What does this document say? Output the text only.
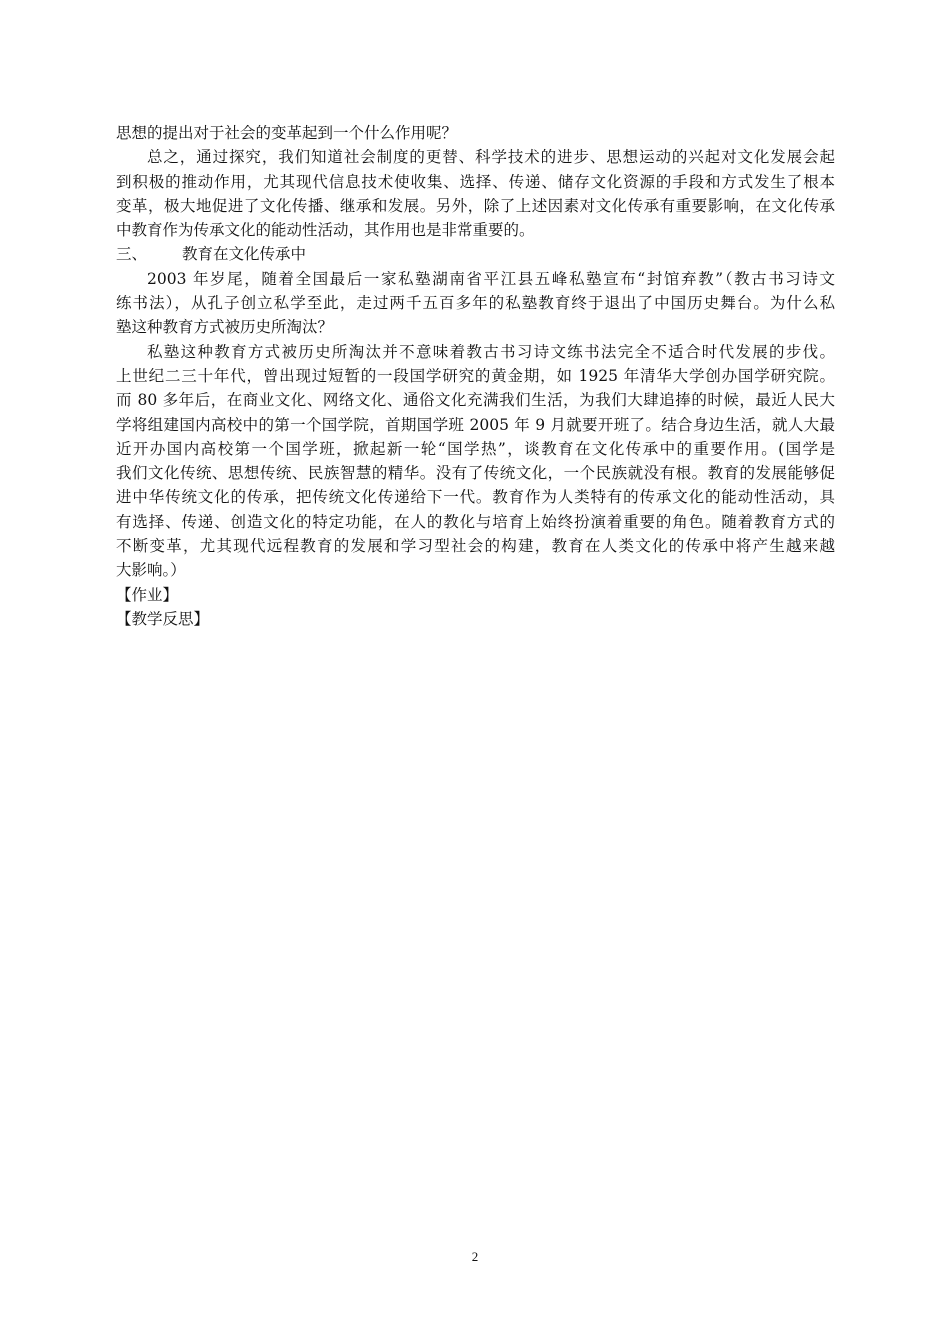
思想的提出对于社会的变革起到一个什么作用呢？
总之，通过探究，我们知道社会制度的更替、科学技术的进步、思想运动的兴起对文化发展会起
到积极的推动作用，尤其现代信息技术使收集、选择、传递、储存文化资源的手段和方式发生了根本
变革，极大地促进了文化传播、继承和发展。另外，除了上述因素对文化传承有重要影响，在文化传承
中教育作为传承文化的能动性活动，其作用也是非常重要的。
三、 教育在文化传承中
2003 年岁尾，随着全国最后一家私塾湖南省平江县五峰私塾宣布“封馆弃教”（教古书习诗文
练书法），从孔子创立私学至此，走过两千五百多年的私塾教育终于退出了中国历史舞台。为什么私
塾这种教育方式被历史所淘汰？
私塾这种教育方式被历史所淘汰并不意味着教古书习诗文练书法完全不适合时代发展的步伐。
上世纪二三十年代，曾出现过短暂的一段国学研究的黄金期，如 1925 年清华大学创办国学研究院。
而 80 多年后，在商业文化、网络文化、通俗文化充满我们生活，为我们大肆追捧的时候，最近人民大
学将组建国内高校中的第一个国学院，首期国学班 2005 年 9 月就要开班了。结合身边生活，就人大最
近开办国内高校第一个国学班，掀起新一轮“国学热”，谈教育在文化传承中的重要作用。(国学是
我们文化传统、思想传统、民族智慧的精华。没有了传统文化，一个民族就没有根。教育的发展能够促
进中华传统文化的传承，把传统文化传递给下一代。教育作为人类特有的传承文化的能动性活动，具
有选择、传递、创造文化的特定功能，在人的教化与培育上始终扮演着重要的角色。随着教育方式的
不断变革，尤其现代远程教育的发展和学习型社会的构建，教育在人类文化的传承中将产生越来越
大影响。）
【作业】
【教学反思】
2
